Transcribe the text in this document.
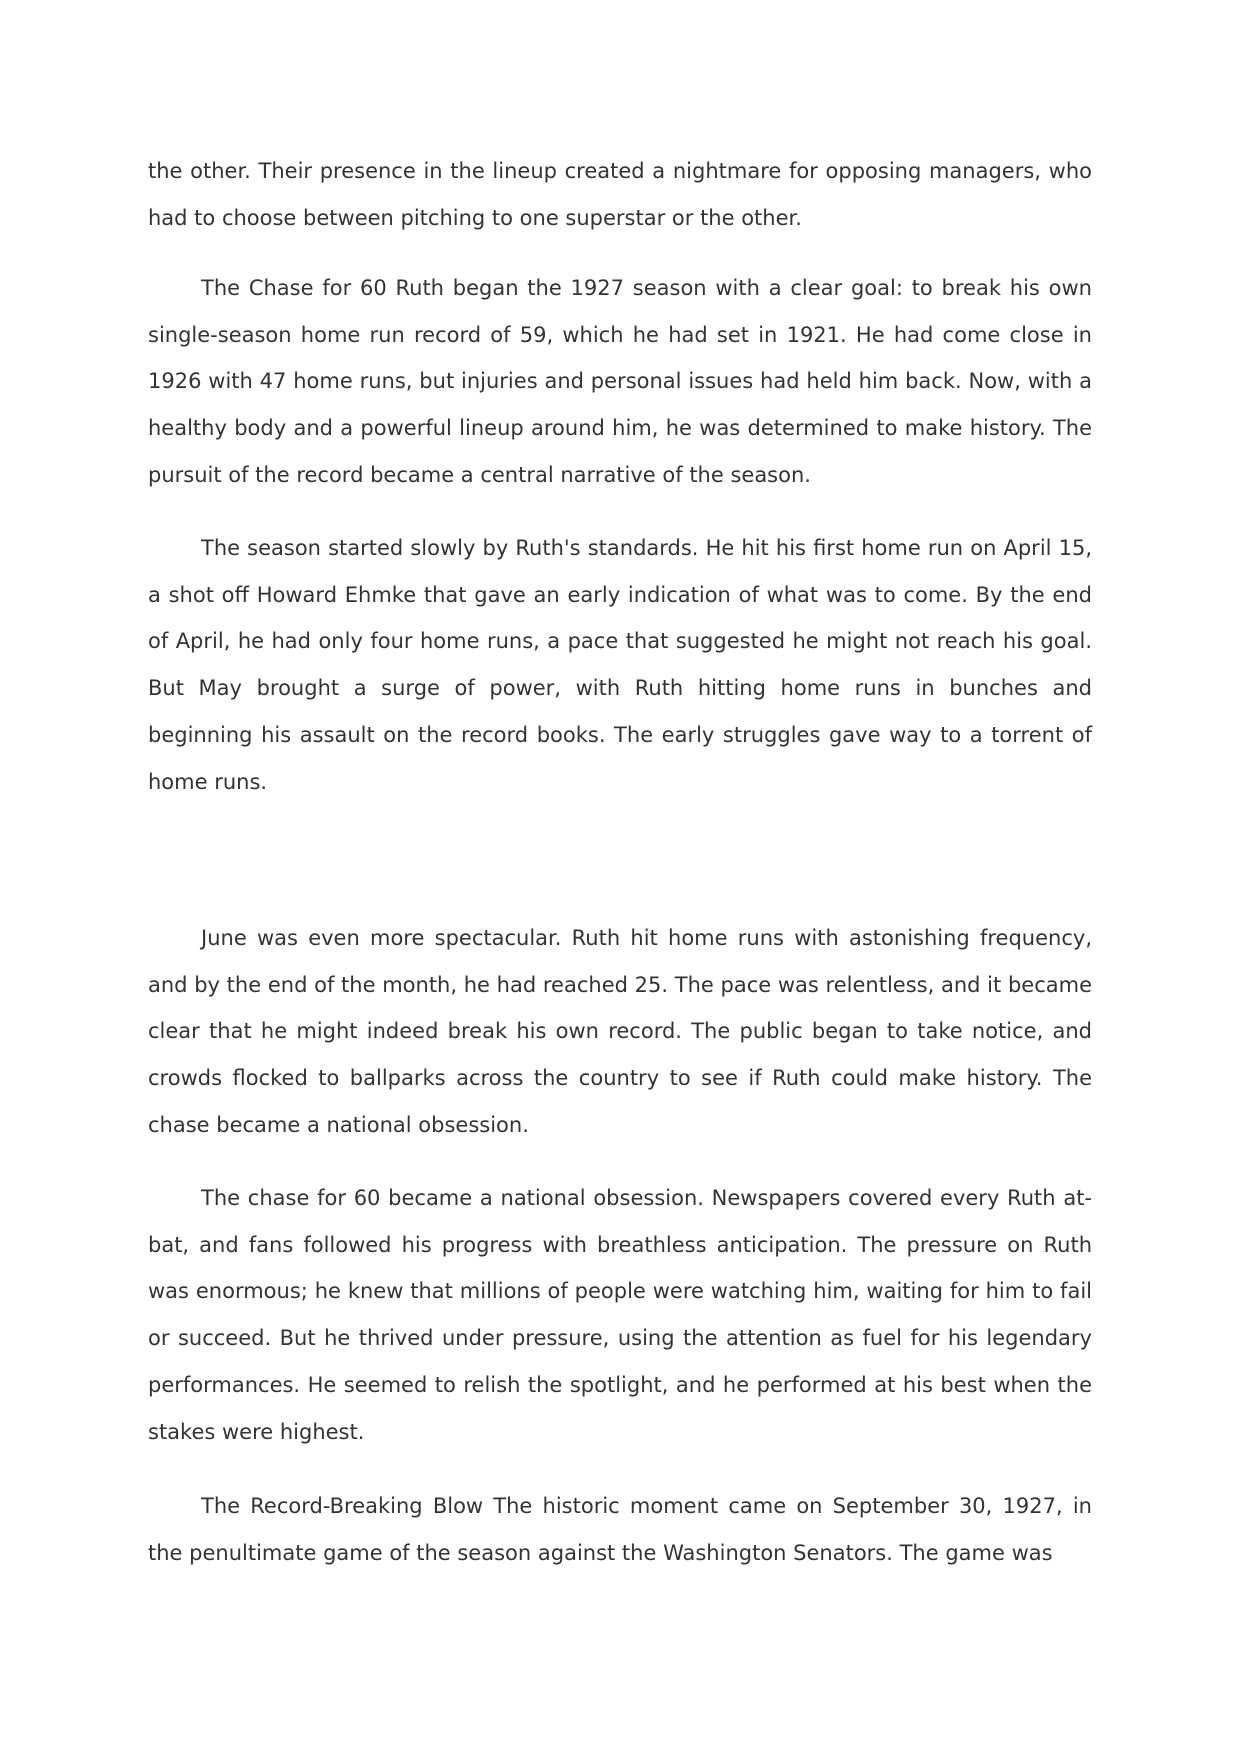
the other. Their presence in the lineup created a nightmare for opposing managers, who had to choose between pitching to one superstar or the other.

The Chase for 60 Ruth began the 1927 season with a clear goal: to break his own single-season home run record of 59, which he had set in 1921. He had come close in 1926 with 47 home runs, but injuries and personal issues had held him back. Now, with a healthy body and a powerful lineup around him, he was determined to make history. The pursuit of the record became a central narrative of the season.

The season started slowly by Ruth's standards. He hit his first home run on April 15, a shot off Howard Ehmke that gave an early indication of what was to come. By the end of April, he had only four home runs, a pace that suggested he might not reach his goal. But May brought a surge of power, with Ruth hitting home runs in bunches and beginning his assault on the record books. The early struggles gave way to a torrent of home runs.

June was even more spectacular. Ruth hit home runs with astonishing frequency, and by the end of the month, he had reached 25. The pace was relentless, and it became clear that he might indeed break his own record. The public began to take notice, and crowds flocked to ballparks across the country to see if Ruth could make history. The chase became a national obsession.

The chase for 60 became a national obsession. Newspapers covered every Ruth at-bat, and fans followed his progress with breathless anticipation. The pressure on Ruth was enormous; he knew that millions of people were watching him, waiting for him to fail or succeed. But he thrived under pressure, using the attention as fuel for his legendary performances. He seemed to relish the spotlight, and he performed at his best when the stakes were highest.

The Record-Breaking Blow The historic moment came on September 30, 1927, in the penultimate game of the season against the Washington Senators. The game was
